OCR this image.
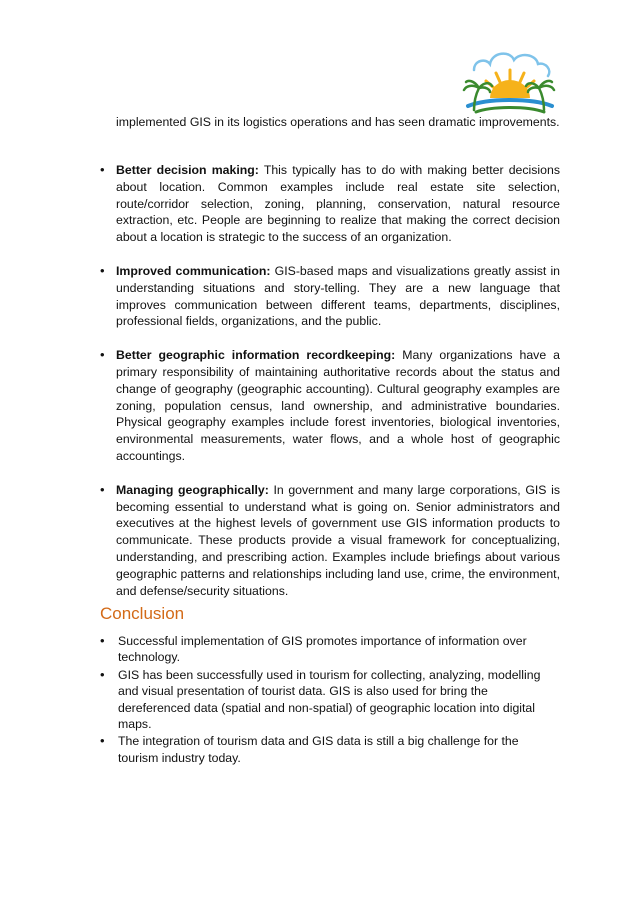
implemented GIS in its logistics operations and has seen dramatic improvements.

• Better decision making: This typically has to do with making better decisions about location. Common examples include real estate site selection, route/corridor selection, zoning, planning, conservation, natural resource extraction, etc. People are beginning to realize that making the correct decision about a location is strategic to the success of an organization.
• Improved communication: GIS-based maps and visualizations greatly assist in understanding situations and story-telling. They are a new language that improves communication between different teams, departments, disciplines, professional fields, organizations, and the public.
• Better geographic information recordkeeping: Many organizations have a primary responsibility of maintaining authoritative records about the status and change of geography (geographic accounting). Cultural geography examples are zoning, population census, land ownership, and administrative boundaries. Physical geography examples include forest inventories, biological inventories, environmental measurements, water flows, and a whole host of geographic accountings.
• Managing geographically: In government and many large corporations, GIS is becoming essential to understand what is going on. Senior administrators and executives at the highest levels of government use GIS information products to communicate. These products provide a visual framework for conceptualizing, understanding, and prescribing action. Examples include briefings about various geographic patterns and relationships including land use, crime, the environment, and defense/security situations.
Conclusion
• Successful implementation of GIS promotes importance of information over technology.
• GIS has been successfully used in tourism for collecting, analyzing, modelling and visual presentation of tourist data. GIS is also used for bring the dereferenced data (spatial and non-spatial) of geographic location into digital maps.
• The integration of tourism data and GIS data is still a big challenge for the tourism industry today.
